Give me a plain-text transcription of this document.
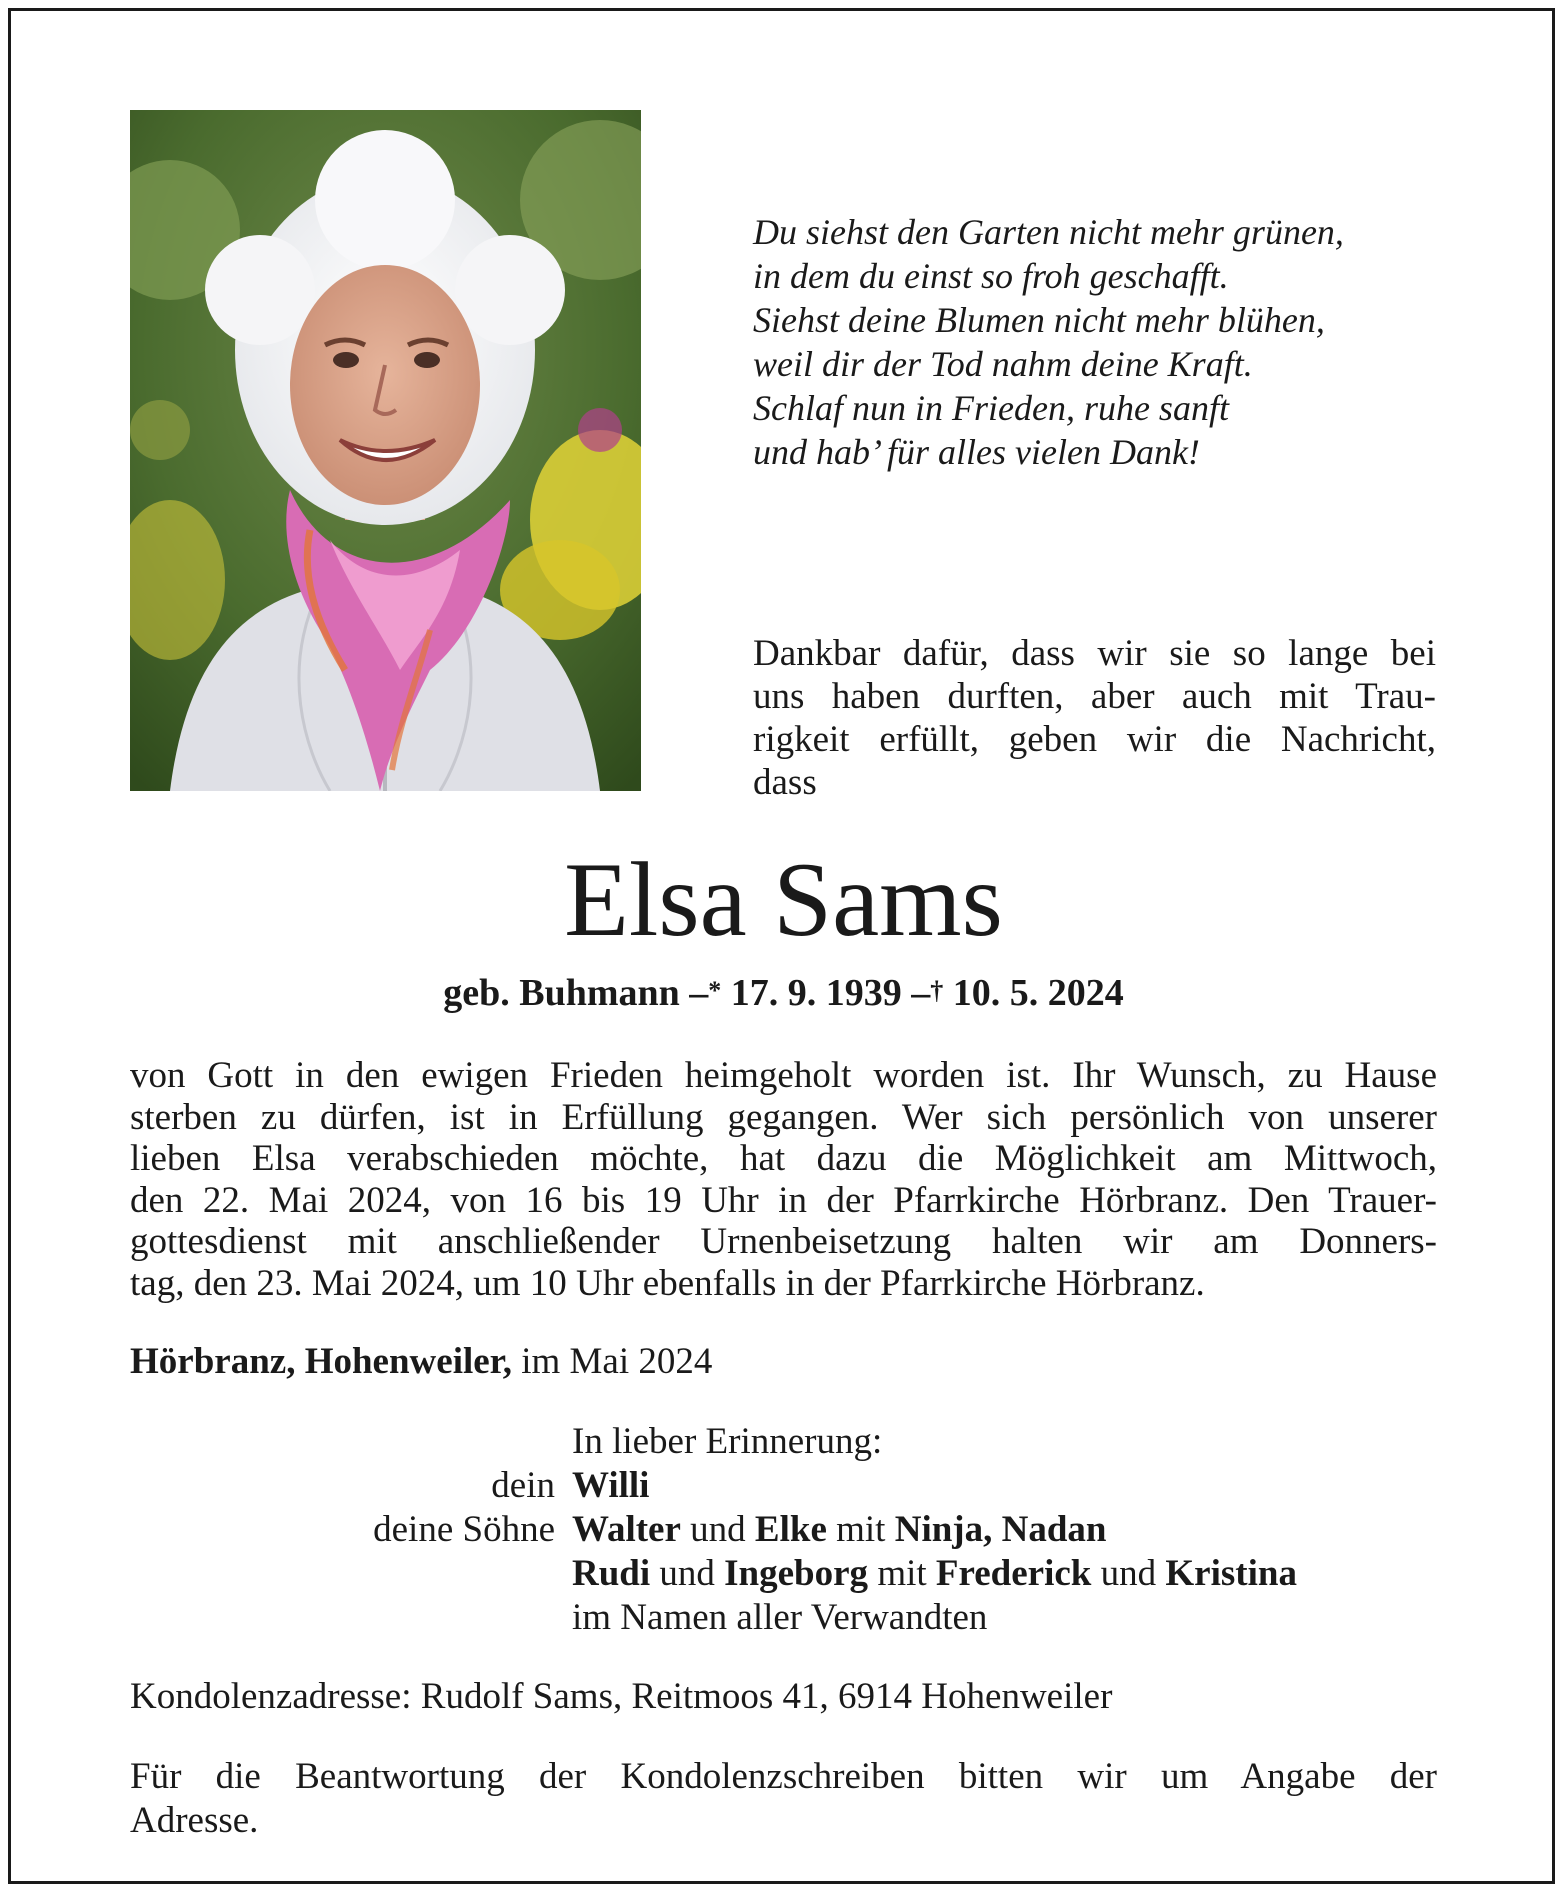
Du siehst den Garten nicht mehr grünen,
in dem du einst so froh geschafft.
Siehst deine Blumen nicht mehr blühen,
weil dir der Tod nahm deine Kraft.
Schlaf nun in Frieden, ruhe sanft
und hab’ für alles vielen Dank!
Dankbar dafür, dass wir sie so lange bei
uns haben durften, aber auch mit Trau-
rigkeit erfüllt, geben wir die Nachricht,
dass
Elsa Sams
geb. Buhmann –* 17. 9. 1939 –† 10. 5. 2024
von Gott in den ewigen Frieden heimgeholt worden ist. Ihr Wunsch, zu Hause
sterben zu dürfen, ist in Erfüllung gegangen. Wer sich persönlich von unserer
lieben Elsa verabschieden möchte, hat dazu die Möglichkeit am Mittwoch,
den 22. Mai 2024, von 16 bis 19 Uhr in der Pfarrkirche Hörbranz. Den Trauer-
gottesdienst mit anschließender Urnenbeisetzung halten wir am Donners-
tag, den 23. Mai 2024, um 10 Uhr ebenfalls in der Pfarrkirche Hörbranz.
Hörbranz, Hohenweiler, im Mai 2024
In lieber Erinnerung:
dein Willi
deine Söhne Walter und Elke mit Ninja, Nadan
Rudi und Ingeborg mit Frederick und Kristina
im Namen aller Verwandten
Kondolenzadresse: Rudolf Sams, Reitmoos 41, 6914 Hohenweiler
Für die Beantwortung der Kondolenzschreiben bitten wir um Angabe der
Adresse.
